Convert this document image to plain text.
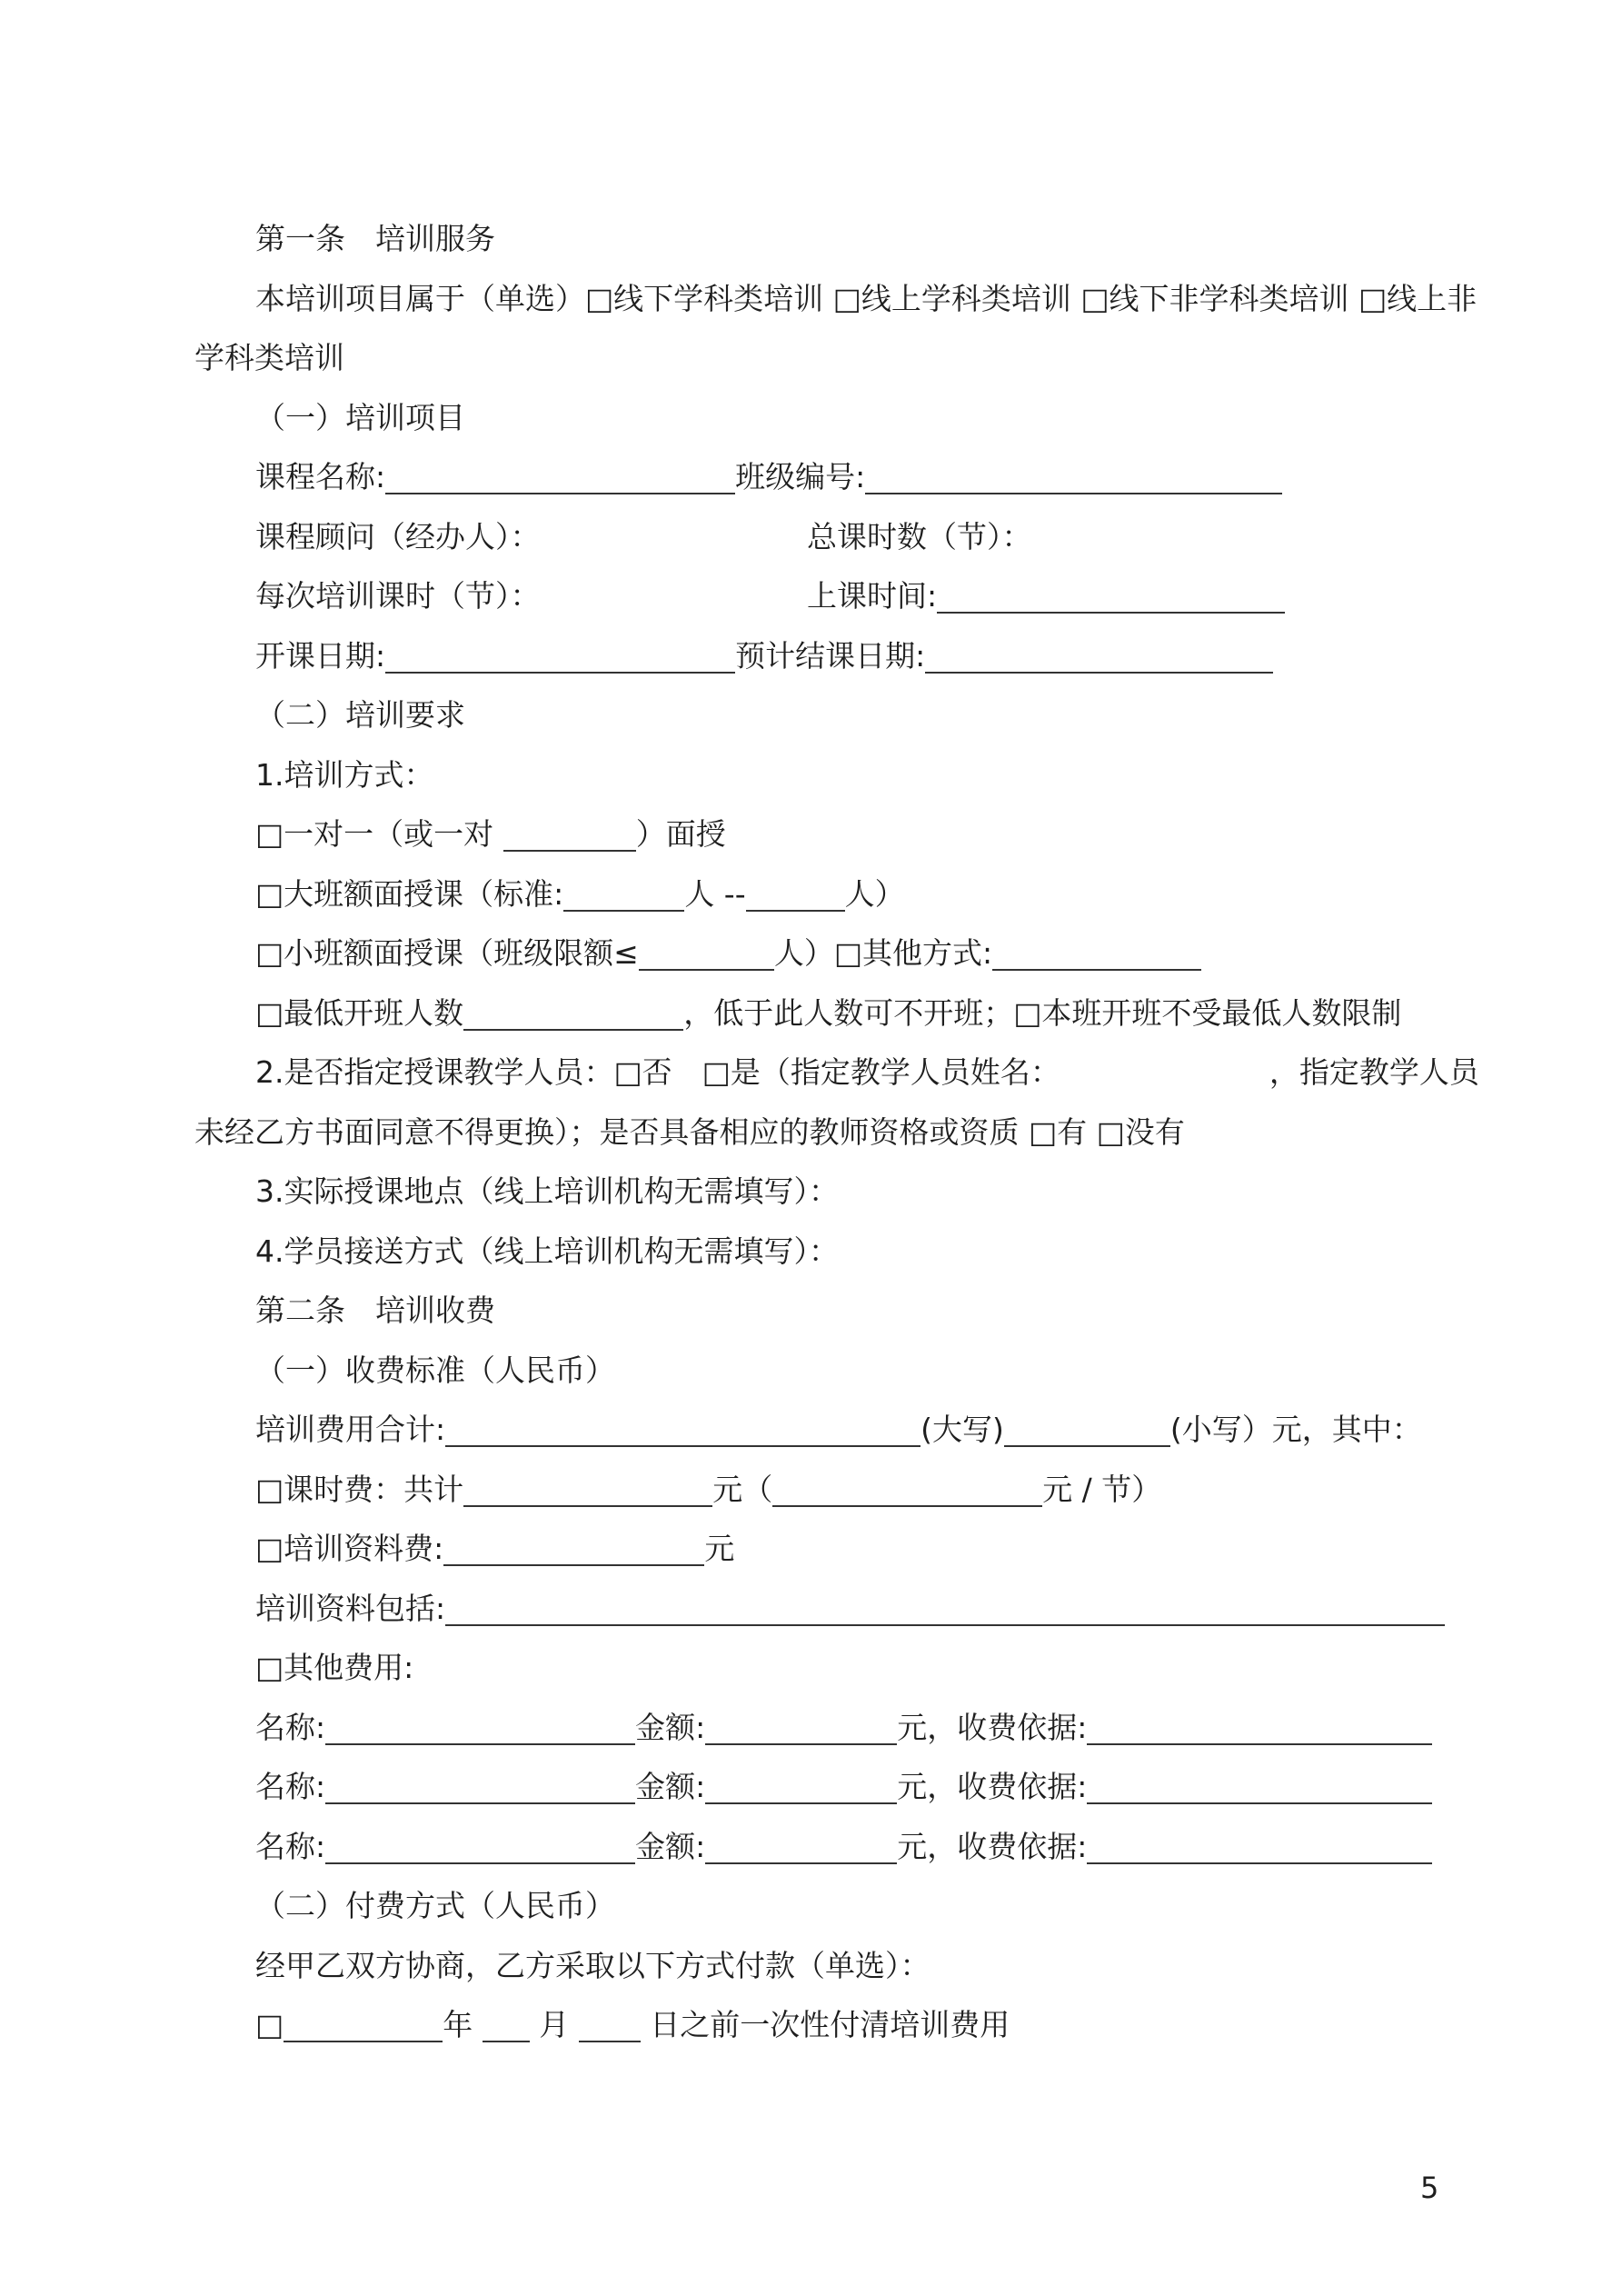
第一条　培训服务
本培训项目属于（单选）□线下学科类培训 □线上学科类培训 □线下非学科类培训 □线上非
学科类培训
（一）培训项目
课程名称:	班级编号:
课程顾问（经办人）：	总课时数（节）：
每次培训课时（节）：	上课时间:
开课日期:	预计结课日期:
（二）培训要求
1.培训方式：
□一对一（或一对	）面授
□大班额面授课（标准:	人 --	人）
□小班额面授课（班级限额≤	人）□其他方式:
□最低开班人数	，低于此人数可不开班；□本班开班不受最低人数限制
2.是否指定授课教学人员：□否　□是（指定教学人员姓名：	，指定教学人员
未经乙方书面同意不得更换）；是否具备相应的教师资格或资质 □有 □没有
3.实际授课地点（线上培训机构无需填写）：
4.学员接送方式（线上培训机构无需填写）：
第二条　培训收费
（一）收费标准（人民币）
培训费用合计:	(大写)	(小写）元，其中：
□课时费：共计	元（	元 / 节）
□培训资料费:	元
培训资料包括:
□其他费用:
名称:	金额:	元，收费依据:
名称:	金额:	元，收费依据:
名称:	金额:	元，收费依据:
（二）付费方式（人民币）
经甲乙双方协商，乙方采取以下方式付款（单选）：
□	年 月	日之前一次性付清培训费用
5
